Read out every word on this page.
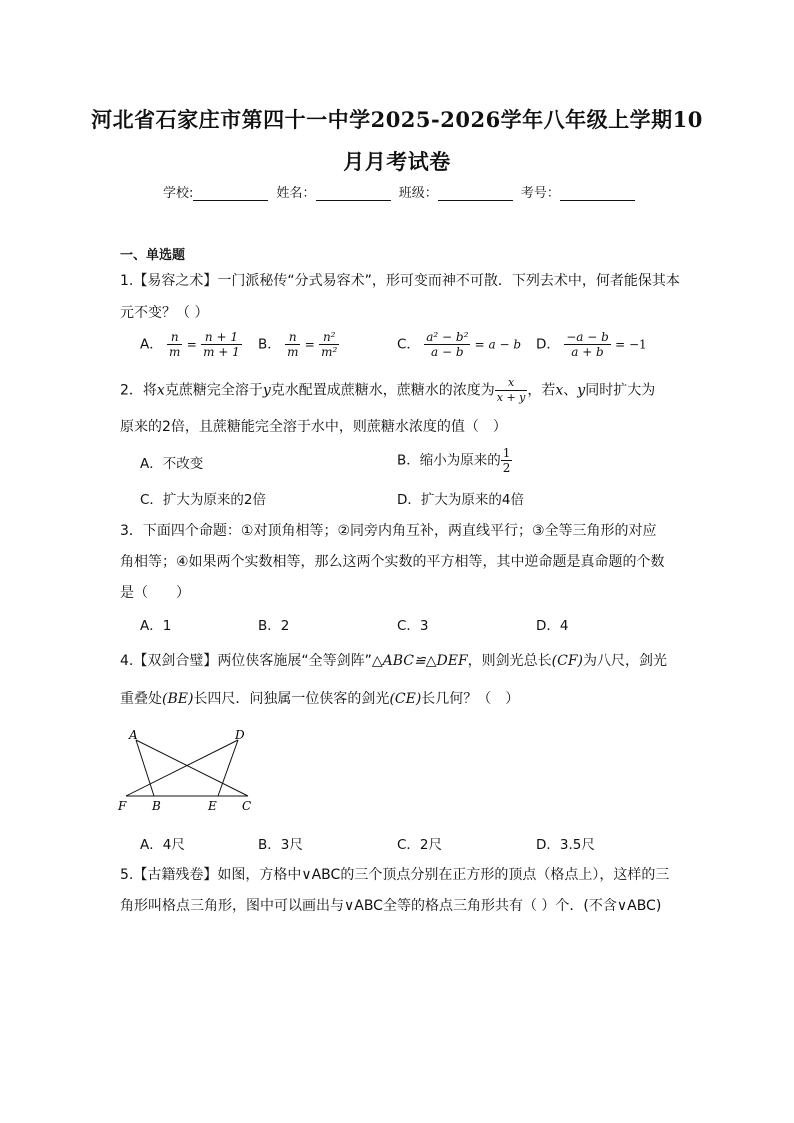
河北省石家庄市第四十一中学2025-2026学年八年级上学期10
月月考试卷
学校:	姓名：	班级：	考号：
一、单选题
1.【易容之术】一门派秘传“分式易容术”，形可变而神不可散．下列去术中，何者能保其本
元不变？（ ）
A． $\frac{n}{m} = \frac{n + 1}{m + 1}$ B． $\frac{n}{m} = \frac{\text{n²}}{\text{m²}}$	C． $\frac{\text{a² − b²}}{a - b} = a - b$ D． $\frac{-a - b}{a + b} = -1$
2．将x克蔗糖完全溶于y克水配置成蔗糖水，蔗糖水的浓度为 $\frac{x}{x + y}$ ，若x、y同时扩大为
原来的2倍，且蔗糖能完全溶于水中，则蔗糖水浓度的值（　）
A．不改变	B．缩小为原来的 $\frac{1}{2}$
C．扩大为原来的2倍	D．扩大为原来的4倍
3．下面四个命题：①对顶角相等；②同旁内角互补，两直线平行；③全等三角形的对应
角相等；④如果两个实数相等，那么这两个实数的平方相等，其中逆命题是真命题的个数
是（　　）
A．1	B．2	C．3	D．4
4.【双剑合璧】两位侠客施展“全等剑阵”△ABC≌△DEF，则剑光总长(CF)为八尺，剑光
重叠处(BE)长四尺．问独属一位侠客的剑光(CE)长几何？（　）
A	D
F B	E C
A．4尺	B．3尺	C．2尺	D．3.5尺
5.【古籍残卷】如图，方格中∨ABC的三个顶点分别在正方形的顶点（格点上），这样的三
角形叫格点三角形，图中可以画出与∨ABC全等的格点三角形共有（ ）个．(不含∨ABC)
